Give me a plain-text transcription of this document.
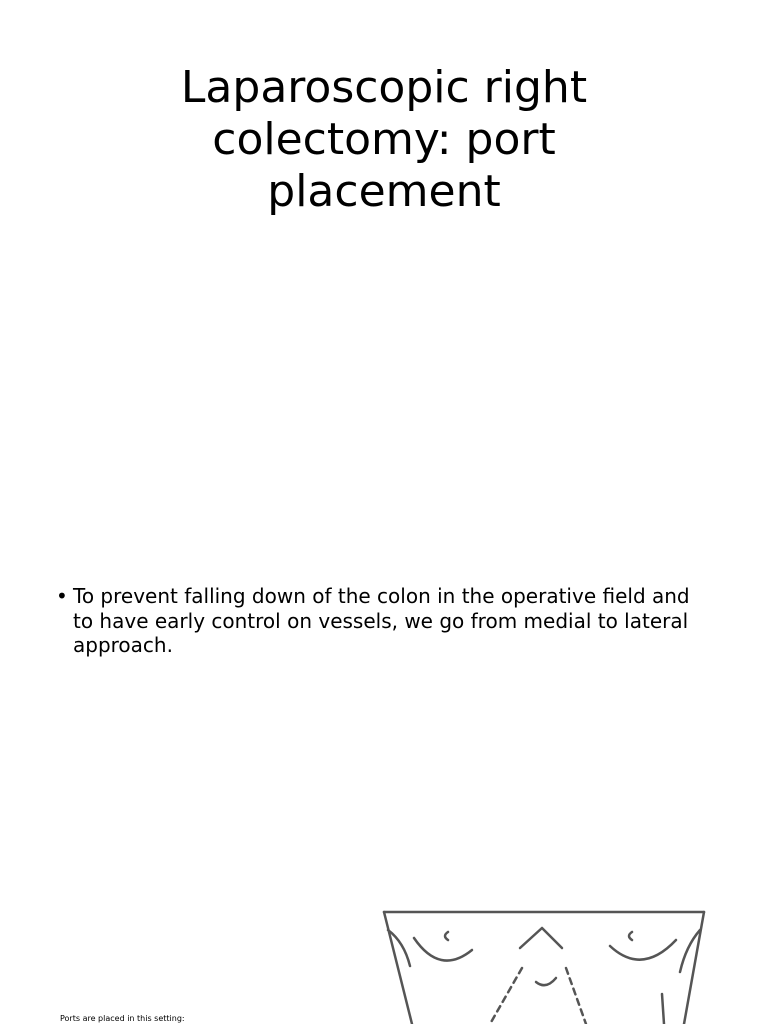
Laparoscopic right colectomy: port placement
• To prevent falling down of the colon in the operative field and to have early control on vessels, we go from medial to lateral approach.
Ports are placed in this setting:
